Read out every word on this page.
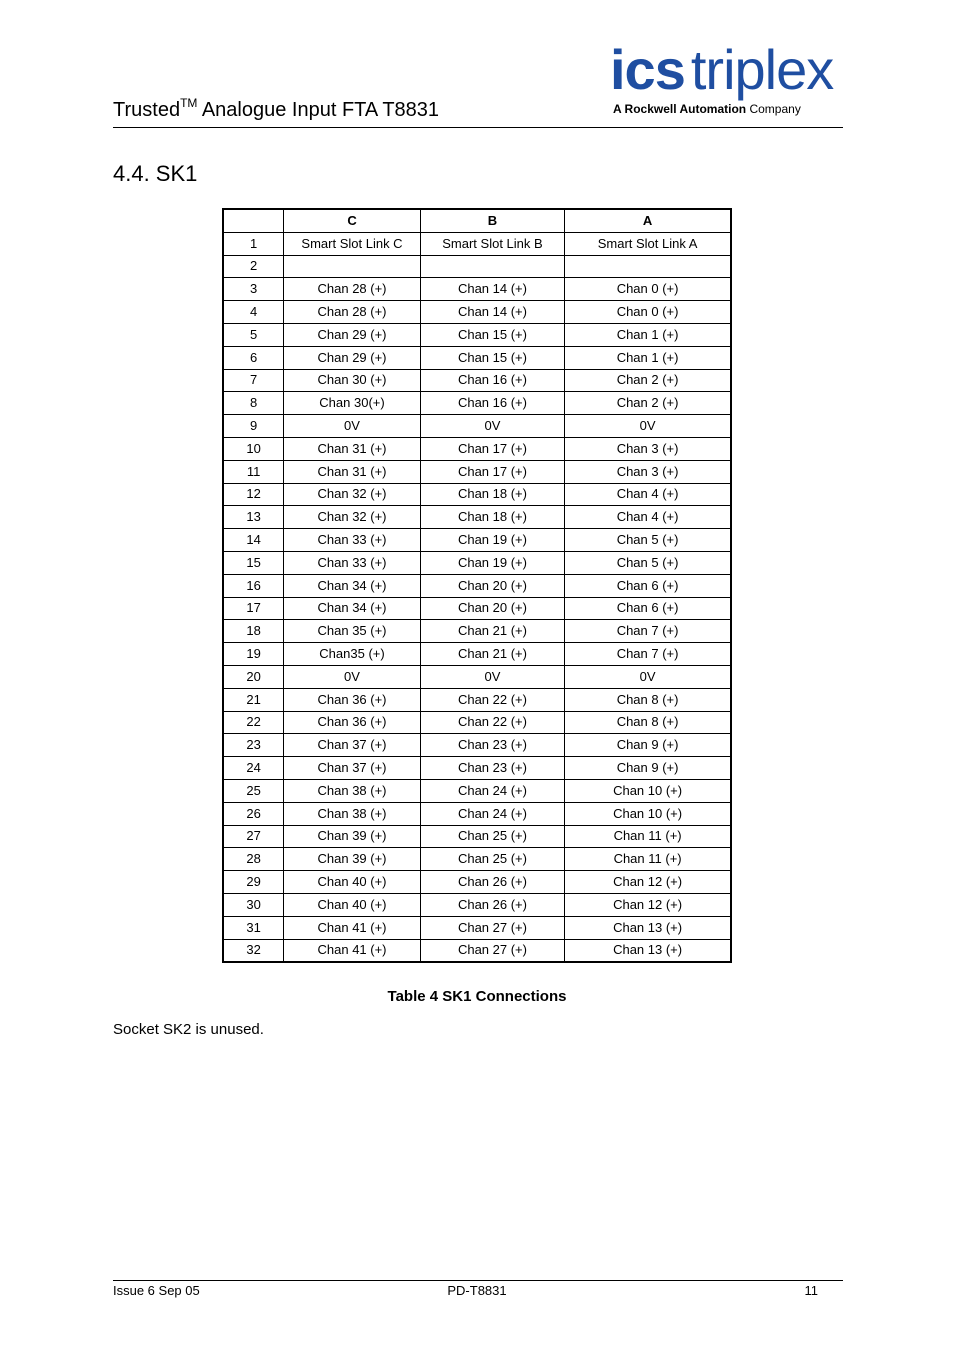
Trusted™ Analogue Input FTA T8831
ics triplex
A Rockwell Automation Company
4.4. SK1
	C	B	A
1	Smart Slot Link C	Smart Slot Link B	Smart Slot Link A
2			
3	Chan 28 (+)	Chan 14 (+)	Chan 0 (+)
4	Chan 28 (+)	Chan 14 (+)	Chan 0 (+)
5	Chan 29 (+)	Chan 15 (+)	Chan 1 (+)
6	Chan 29 (+)	Chan 15 (+)	Chan 1 (+)
7	Chan 30 (+)	Chan 16 (+)	Chan 2 (+)
8	Chan 30(+)	Chan 16 (+)	Chan 2 (+)
9	0V	0V	0V
10	Chan 31 (+)	Chan 17 (+)	Chan 3 (+)
11	Chan 31 (+)	Chan 17 (+)	Chan 3 (+)
12	Chan 32 (+)	Chan 18 (+)	Chan 4 (+)
13	Chan 32 (+)	Chan 18 (+)	Chan 4 (+)
14	Chan 33 (+)	Chan 19 (+)	Chan 5 (+)
15	Chan 33 (+)	Chan 19 (+)	Chan 5 (+)
16	Chan 34 (+)	Chan 20 (+)	Chan 6 (+)
17	Chan 34 (+)	Chan 20 (+)	Chan 6 (+)
18	Chan 35 (+)	Chan 21 (+)	Chan 7 (+)
19	Chan35 (+)	Chan 21 (+)	Chan 7 (+)
20	0V	0V	0V
21	Chan 36 (+)	Chan 22 (+)	Chan 8 (+)
22	Chan 36 (+)	Chan 22 (+)	Chan 8 (+)
23	Chan 37 (+)	Chan 23 (+)	Chan 9 (+)
24	Chan 37 (+)	Chan 23 (+)	Chan 9 (+)
25	Chan 38 (+)	Chan 24 (+)	Chan 10 (+)
26	Chan 38 (+)	Chan 24 (+)	Chan 10 (+)
27	Chan 39 (+)	Chan 25 (+)	Chan 11 (+)
28	Chan 39 (+)	Chan 25 (+)	Chan 11 (+)
29	Chan 40 (+)	Chan 26 (+)	Chan 12 (+)
30	Chan 40 (+)	Chan 26 (+)	Chan 12 (+)
31	Chan 41 (+)	Chan 27 (+)	Chan 13 (+)
32	Chan 41 (+)	Chan 27 (+)	Chan 13 (+)
Table 4 SK1 Connections
Socket SK2 is unused.
Issue 6 Sep 05	PD-T8831	11
